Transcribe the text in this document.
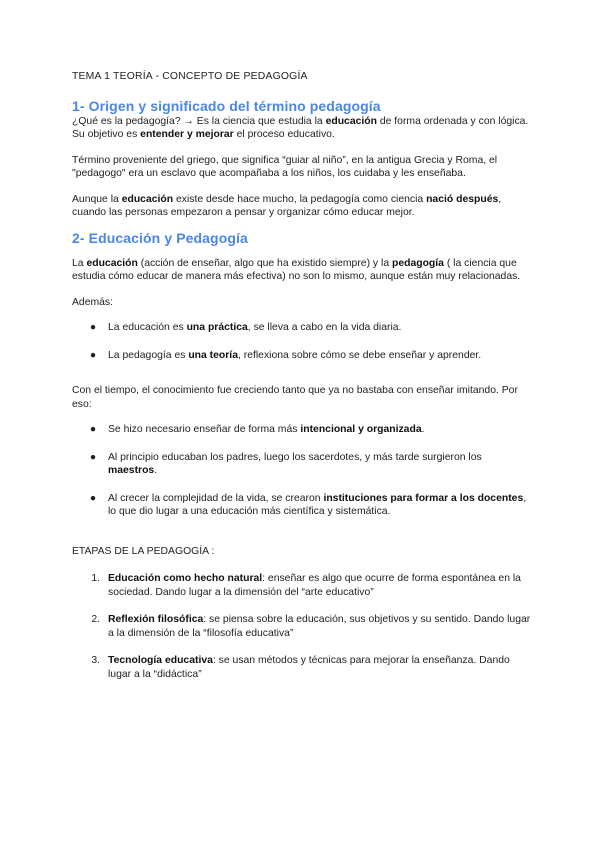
TEMA 1 TEORÍA - CONCEPTO DE PEDAGOGÍA

1- Origen y significado del término pedagogía

¿Qué es la pedagogía? → Es la ciencia que estudia la educación de forma ordenada y con lógica. Su objetivo es entender y mejorar el proceso educativo.

Término proveniente del griego, que significa “guiar al niño”, en la antigua Grecia y Roma, el "pedagogo" era un esclavo que acompañaba a los niños, los cuidaba y les enseñaba.

Aunque la educación existe desde hace mucho, la pedagogía como ciencia nació después, cuando las personas empezaron a pensar y organizar cómo educar mejor.

2- Educación y Pedagogía

La educación (acción de enseñar, algo que ha existido siempre) y la pedagogía ( la ciencia que estudia cómo educar de manera más efectiva) no son lo mismo, aunque están muy relacionadas.

Además:

●	La educación es una práctica, se lleva a cabo en la vida diaria.
●	La pedagogía es una teoría, reflexiona sobre cómo se debe enseñar y aprender.

Con el tiempo, el conocimiento fue creciendo tanto que ya no bastaba con enseñar imitando. Por eso:

●	Se hizo necesario enseñar de forma más intencional y organizada.
●	Al principio educaban los padres, luego los sacerdotes, y más tarde surgieron los maestros.
●	Al crecer la complejidad de la vida, se crearon instituciones para formar a los docentes, lo que dio lugar a una educación más científica y sistemática.

ETAPAS DE LA PEDAGOGÍA :

1. Educación como hecho natural: enseñar es algo que ocurre de forma espontánea en la sociedad. Dando lugar a la dimensión del “arte educativo”
2. Reflexión filosófica: se piensa sobre la educación, sus objetivos y su sentido. Dando lugar a la dimensión de la “filosofía educativa”
3. Tecnología educativa: se usan métodos y técnicas para mejorar la enseñanza. Dando lugar a la “didáctica”
